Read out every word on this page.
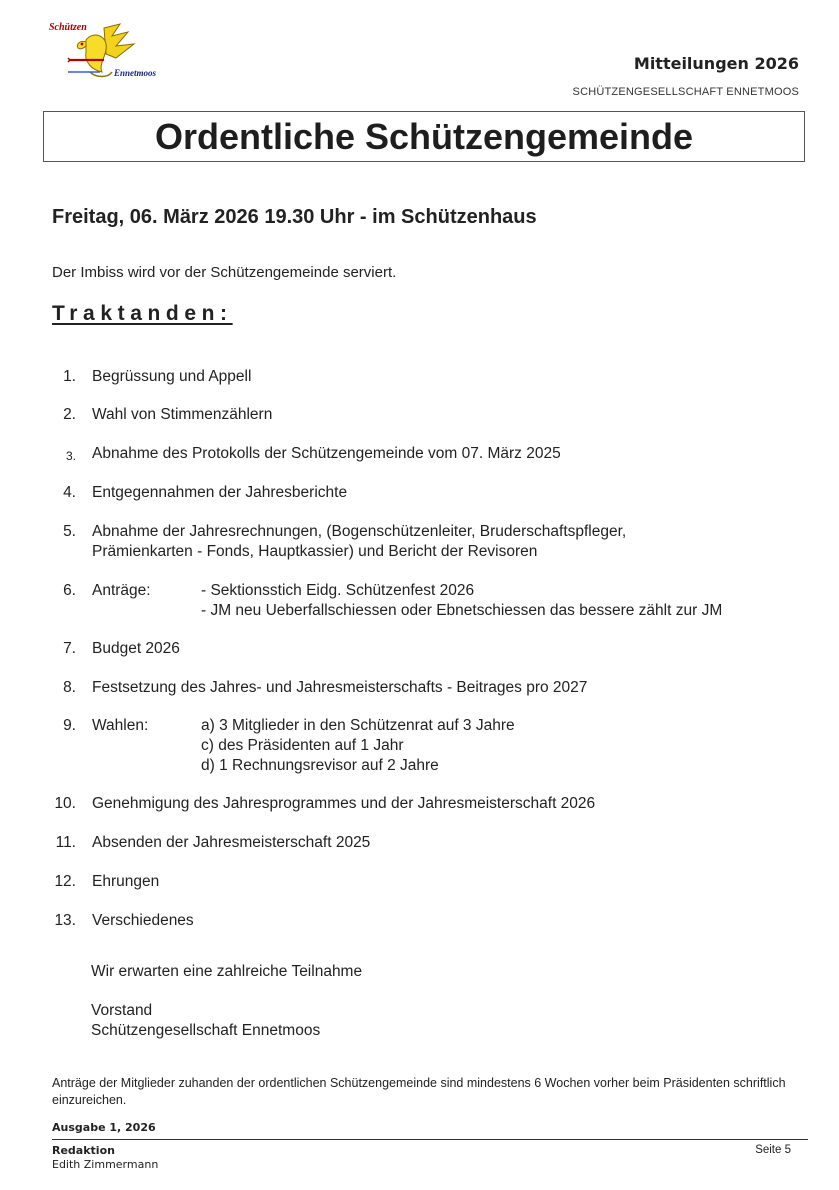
Schützen
Ennetmoos	Mitteilungen 2026
SCHÜTZENGESELLSCHAFT ENNETMOOS
Ordentliche Schützengemeinde
Freitag, 06. März 2026 19.30 Uhr - im Schützenhaus
Der Imbiss wird vor der Schützengemeinde serviert.
Traktanden:
1. Begrüssung und Appell
2. Wahl von Stimmenzählern
3. Abnahme des Protokolls der Schützengemeinde vom 07. März 2025
4. Entgegennahmen der Jahresberichte
5. Abnahme der Jahresrechnungen, (Bogenschützenleiter, Bruderschaftspfleger,
Prämienkarten - Fonds, Hauptkassier) und Bericht der Revisoren
6. Anträge:	- Sektionsstich Eidg. Schützenfest 2026
- JM neu Ueberfallschiessen oder Ebnetschiessen das bessere zählt zur JM
7. Budget 2026
8. Festsetzung des Jahres- und Jahresmeisterschafts - Beitrages pro 2027
9. Wahlen:	a) 3 Mitglieder in den Schützenrat auf 3 Jahre
c) des Präsidenten auf 1 Jahr
d) 1 Rechnungsrevisor auf 2 Jahre
10. Genehmigung des Jahresprogrammes und der Jahresmeisterschaft 2026
11. Absenden der Jahresmeisterschaft 2025
12. Ehrungen
13. Verschiedenes
Wir erwarten eine zahlreiche Teilnahme
Vorstand
Schützengesellschaft Ennetmoos
Anträge der Mitglieder zuhanden der ordentlichen Schützengemeinde sind mindestens 6 Wochen vorher beim Präsidenten schriftlich einzureichen.
Ausgabe 1, 2026
Redaktion
Edith Zimmermann
Seite 5
